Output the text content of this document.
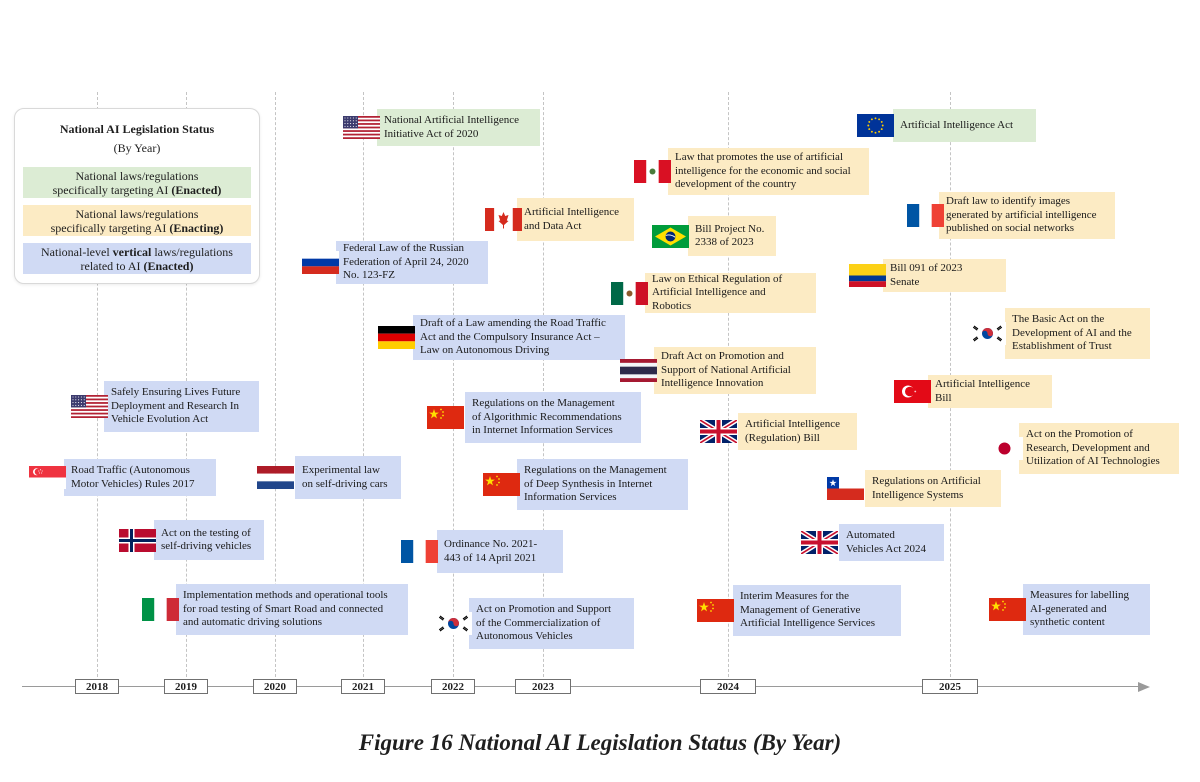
National AI Legislation Status
(By Year)
National laws/regulations
specifically targeting AI (Enacted)
National laws/regulations
specifically targeting AI (Enacting)
National-level vertical laws/regulations
related to AI (Enacted)
National Artificial Intelligence
Initiative Act of 2020
Artificial Intelligence Act
Law that promotes the use of artificial
intelligence for the economic and social
development of the country
Artificial Intelligence
and Data Act	Bill Project No.
2338 of 2023
Draft law to identify images
generated by artificial intelligence
published on social networks
Federal Law of the Russian
Federation of April 24, 2020
No. 123-FZ
Bill 091 of 2023
Senate
Law on Ethical Regulation of
Artificial Intelligence and
Robotics
The Basic Act on the
Development of AI and the
Establishment of Trust
Draft of a Law amending the Road Traffic
Act and the Compulsory Insurance Act –
Law on Autonomous Driving	Draft Act on Promotion and
Support of National Artificial
Intelligence Innovation	Artificial Intelligence
Bill
Safely Ensuring Lives Future
Deployment and Research In
Vehicle Evolution Act
Regulations on the Management
of Algorithmic Recommendations
in Internet Information Services
Artificial Intelligence
(Regulation) Bill	Act on the Promotion of
Research, Development and
Utilization of AI Technologies
Road Traffic (Autonomous
Motor Vehicles) Rules 2017
Experimental law
on self-driving cars
Regulations on the Management
of Deep Synthesis in Internet
Information Services
Regulations on Artificial
Intelligence Systems
Act on the testing of
self-driving vehicles	Ordinance No. 2021-
443 of 14 April 2021
Automated
Vehicles Act 2024
Implementation methods and operational tools
for road testing of Smart Road and connected
and automatic driving solutions
Act on Promotion and Support
of the Commercialization of
Autonomous Vehicles
Interim Measures for the
Management of Generative
Artificial Intelligence Services
Measures for labelling
AI-generated and
synthetic content
2018	2019	2020	2021	2022	2023	2024	2025
Figure 16 National AI Legislation Status (By Year)
